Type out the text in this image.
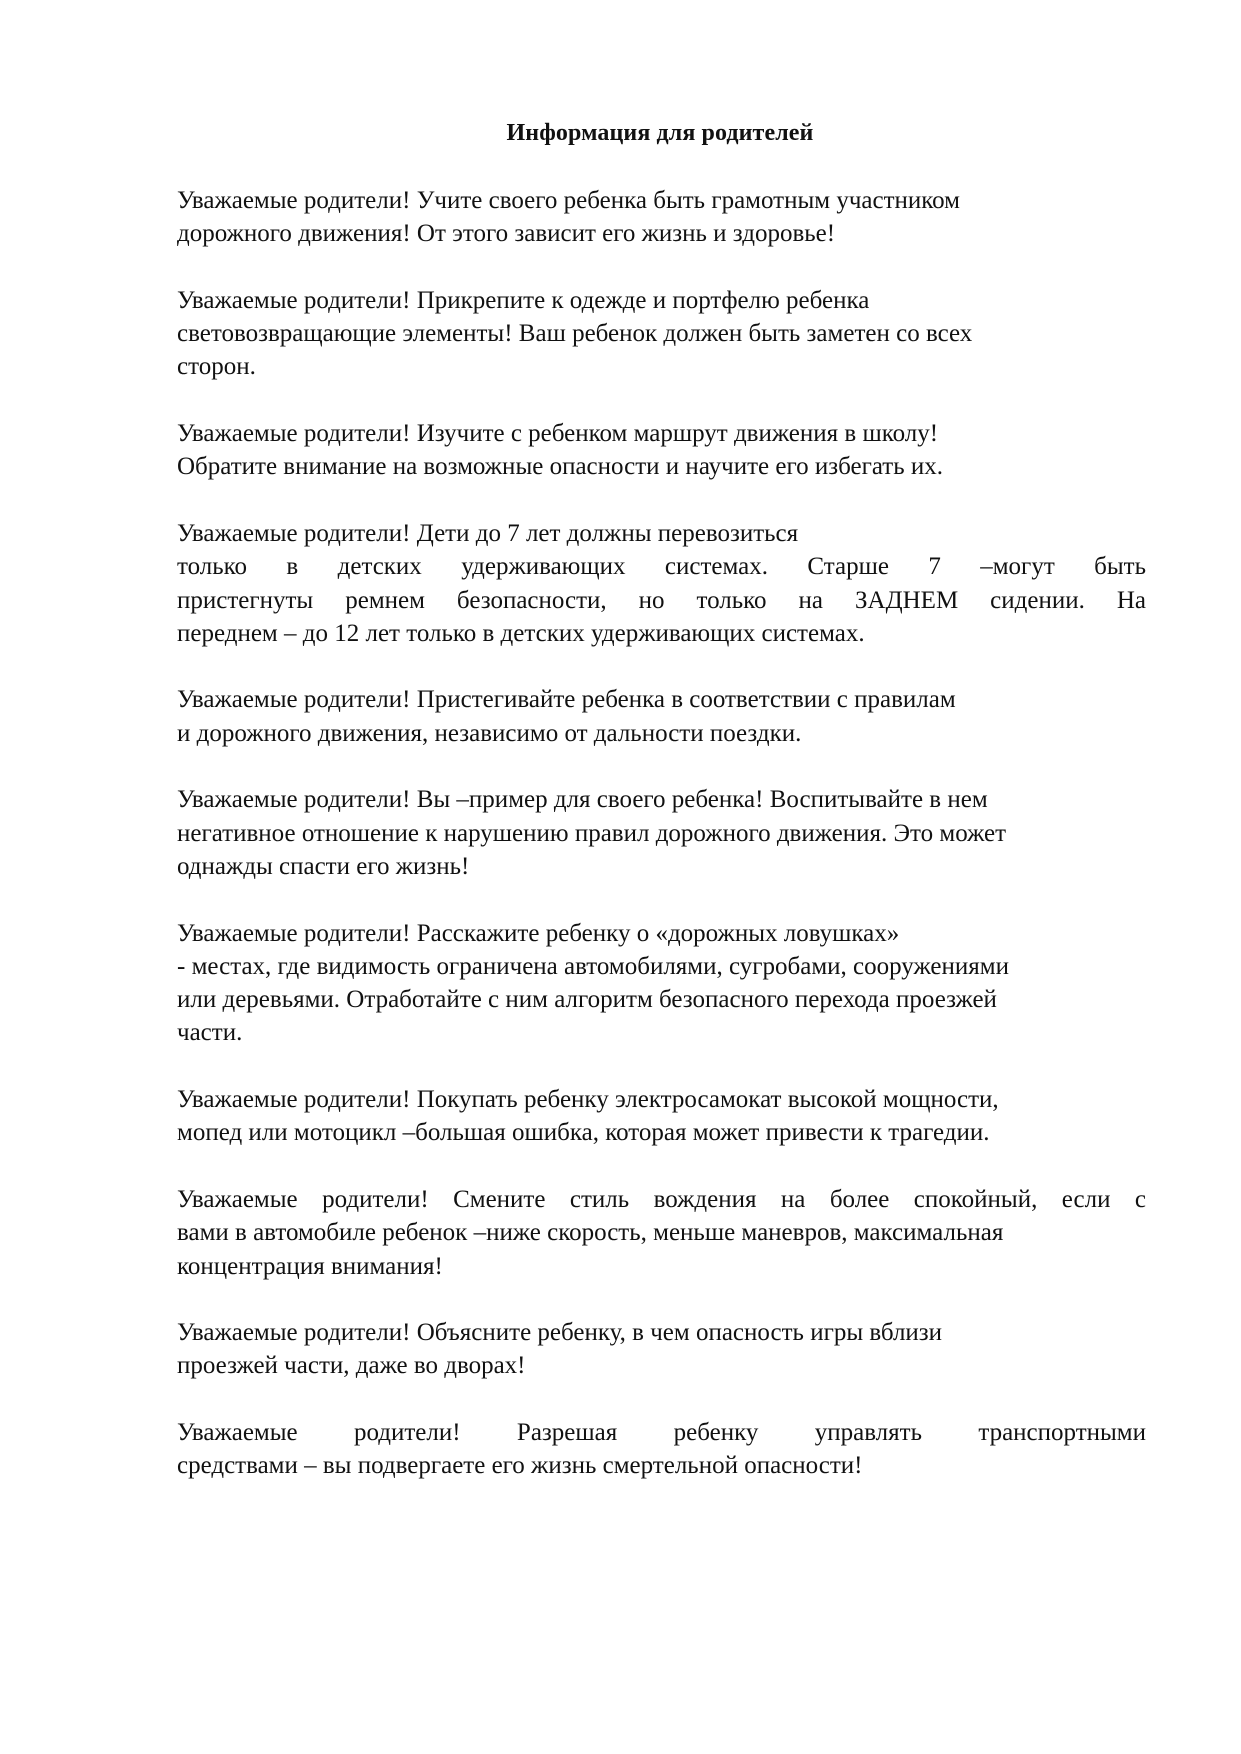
Информация для родителей
Уважаемые родители! Учите своего ребенка быть грамотным участником
дорожного движения! От этого зависит его жизнь и здоровье!
Уважаемые родители! Прикрепите к одежде и портфелю ребенка
световозвращающие элементы! Ваш ребенок должен быть заметен со всех
сторон.
Уважаемые родители! Изучите с ребенком маршрут движения в школу!
Обратите внимание на возможные опасности и научите его избегать их.
Уважаемые родители! Дети до 7 лет должны перевозиться
только в детских удерживающих системах. Старше 7 –могут быть
пристегнуты ремнем безопасности, но только на ЗАДНЕМ сидении. На
переднем – до 12 лет только в детских удерживающих системах.
Уважаемые родители! Пристегивайте ребенка в соответствии с правилам
и дорожного движения, независимо от дальности поездки.
Уважаемые родители! Вы –пример для своего ребенка! Воспитывайте в нем
негативное отношение к нарушению правил дорожного движения. Это может
однажды спасти его жизнь!
Уважаемые родители! Расскажите ребенку о «дорожных ловушках»
- местах, где видимость ограничена автомобилями, сугробами, сооружениями
или деревьями. Отработайте с ним алгоритм безопасного перехода проезжей
части.
Уважаемые родители! Покупать ребенку электросамокат высокой мощности,
мопед или мотоцикл –большая ошибка, которая может привести к трагедии.
Уважаемые родители! Смените стиль вождения на более спокойный, если с
вами в автомобиле ребенок –ниже скорость, меньше маневров, максимальная
концентрация внимания!
Уважаемые родители! Объясните ребенку, в чем опасность игры вблизи
проезжей части, даже во дворах!
Уважаемые родители! Разрешая ребенку управлять транспортными
средствами – вы подвергаете его жизнь смертельной опасности!
